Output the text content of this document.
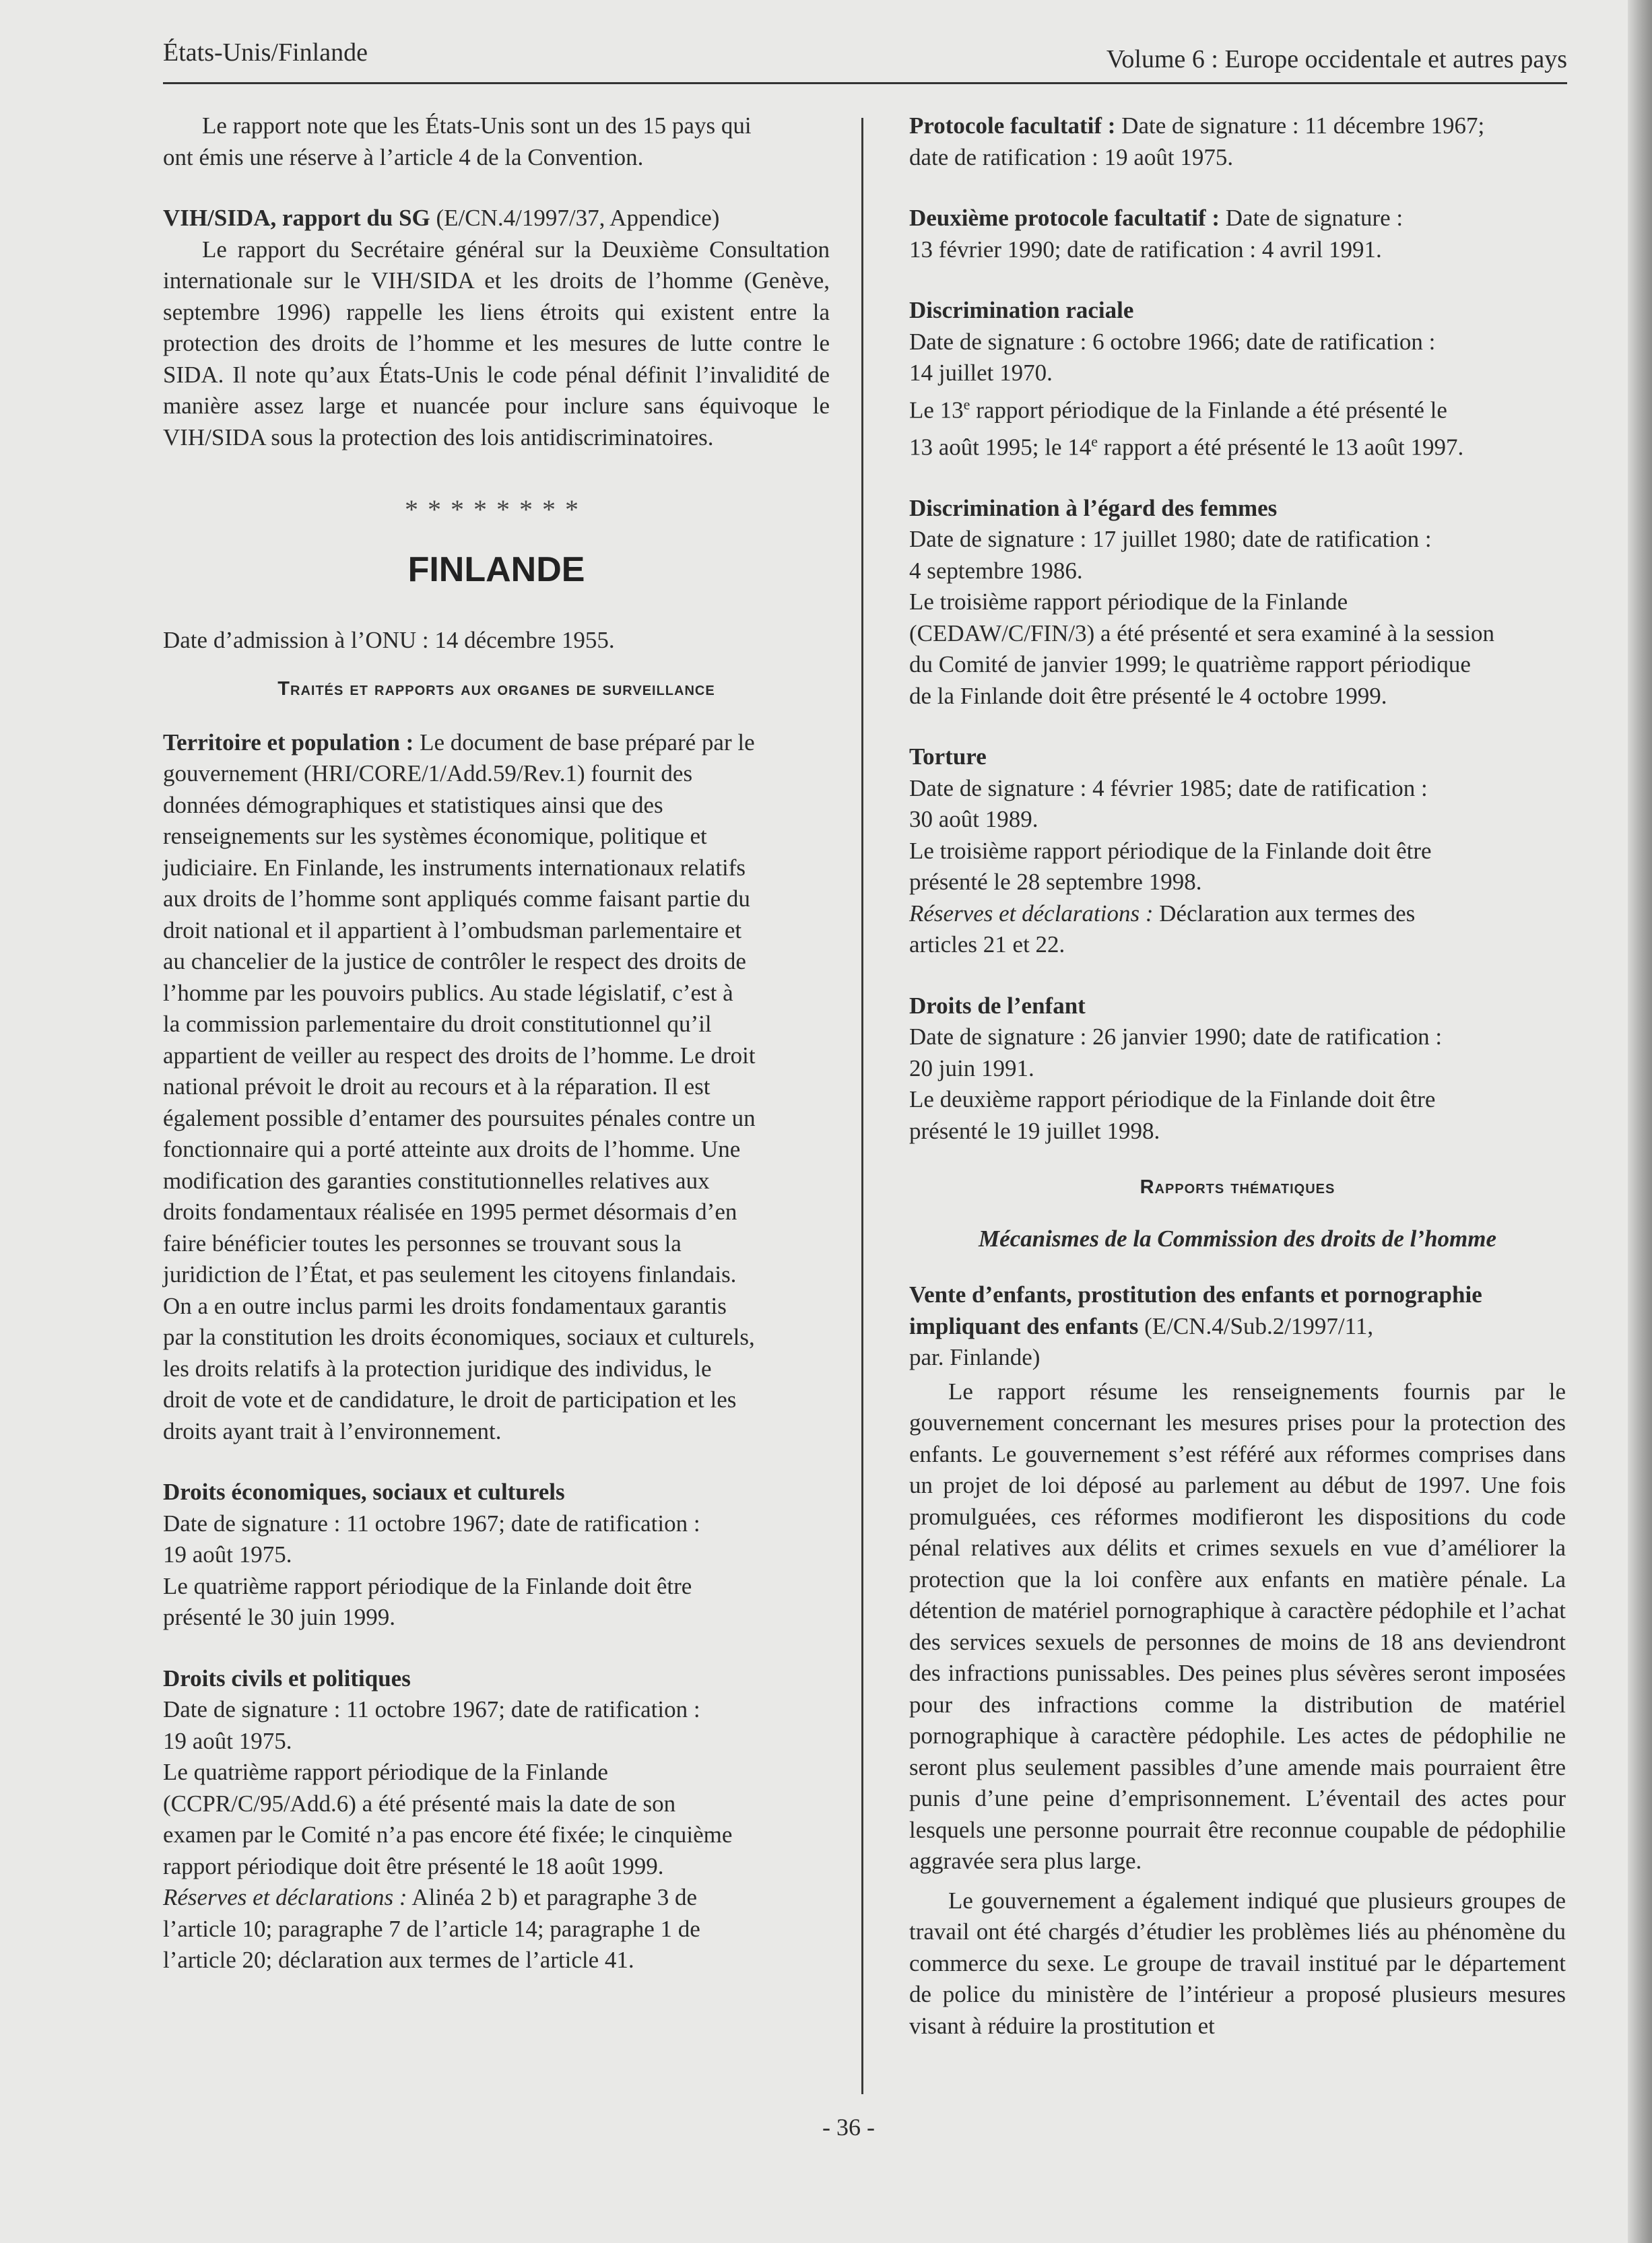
États-Unis/Finlande	Volume 6 : Europe occidentale et autres pays

Le rapport note que les États-Unis sont un des 15 pays qui
ont émis une réserve à l’article 4 de la Convention.

VIH/SIDA, rapport du SG (E/CN.4/1997/37, Appendice)

Le rapport du Secrétaire général sur la Deuxième Consultation internationale sur le VIH/SIDA et les droits de l’homme (Genève, septembre 1996) rappelle les liens étroits qui existent entre la protection des droits de l’homme et les mesures de lutte contre le SIDA. Il note qu’aux États-Unis le code pénal définit l’invalidité de manière assez large et nuancée pour inclure sans équivoque le VIH/SIDA sous la protection des lois antidiscriminatoires.

********
FINLANDE

Date d’admission à l’ONU : 14 décembre 1955.

Traités et rapports aux organes de surveillance

Territoire et population : Le document de base préparé par le
gouvernement (HRI/CORE/1/Add.59/Rev.1) fournit des
données démographiques et statistiques ainsi que des
renseignements sur les systèmes économique, politique et
judiciaire. En Finlande, les instruments internationaux relatifs
aux droits de l’homme sont appliqués comme faisant partie du
droit national et il appartient à l’ombudsman parlementaire et
au chancelier de la justice de contrôler le respect des droits de
l’homme par les pouvoirs publics. Au stade législatif, c’est à
la commission parlementaire du droit constitutionnel qu’il
appartient de veiller au respect des droits de l’homme. Le droit
national prévoit le droit au recours et à la réparation. Il est
également possible d’entamer des poursuites pénales contre un
fonctionnaire qui a porté atteinte aux droits de l’homme. Une
modification des garanties constitutionnelles relatives aux
droits fondamentaux réalisée en 1995 permet désormais d’en
faire bénéficier toutes les personnes se trouvant sous la
juridiction de l’État, et pas seulement les citoyens finlandais.
On a en outre inclus parmi les droits fondamentaux garantis
par la constitution les droits économiques, sociaux et culturels,
les droits relatifs à la protection juridique des individus, le
droit de vote et de candidature, le droit de participation et les
droits ayant trait à l’environnement.

Droits économiques, sociaux et culturels

Date de signature : 11 octobre 1967; date de ratification :
19 août 1975.
Le quatrième rapport périodique de la Finlande doit être
présenté le 30 juin 1999.

Droits civils et politiques

Date de signature : 11 octobre 1967; date de ratification :
19 août 1975.
Le quatrième rapport périodique de la Finlande
(CCPR/C/95/Add.6) a été présenté mais la date de son
examen par le Comité n’a pas encore été fixée; le cinquième
rapport périodique doit être présenté le 18 août 1999.
Réserves et déclarations : Alinéa 2 b) et paragraphe 3 de
l’article 10; paragraphe 7 de l’article 14; paragraphe 1 de
l’article 20; déclaration aux termes de l’article 41.

Protocole facultatif : Date de signature : 11 décembre 1967;
date de ratification : 19 août 1975.

Deuxième protocole facultatif : Date de signature :
13 février 1990; date de ratification : 4 avril 1991.

Discrimination raciale

Date de signature : 6 octobre 1966; date de ratification :
14 juillet 1970.
Le 13e rapport périodique de la Finlande a été présenté le
13 août 1995; le 14e rapport a été présenté le 13 août 1997.

Discrimination à l’égard des femmes

Date de signature : 17 juillet 1980; date de ratification :
4 septembre 1986.
Le troisième rapport périodique de la Finlande
(CEDAW/C/FIN/3) a été présenté et sera examiné à la session
du Comité de janvier 1999; le quatrième rapport périodique
de la Finlande doit être présenté le 4 octobre 1999.

Torture

Date de signature : 4 février 1985; date de ratification :
30 août 1989.
Le troisième rapport périodique de la Finlande doit être
présenté le 28 septembre 1998.
Réserves et déclarations : Déclaration aux termes des
articles 21 et 22.

Droits de l’enfant

Date de signature : 26 janvier 1990; date de ratification :
20 juin 1991.
Le deuxième rapport périodique de la Finlande doit être
présenté le 19 juillet 1998.

Rapports thématiques
Mécanismes de la Commission des droits de l’homme

Vente d’enfants, prostitution des enfants et pornographie
impliquant des enfants (E/CN.4/Sub.2/1997/11,
par. Finlande)

Le rapport résume les renseignements fournis par le gouvernement concernant les mesures prises pour la protection des enfants. Le gouvernement s’est référé aux réformes comprises dans un projet de loi déposé au parlement au début de 1997. Une fois promulguées, ces réformes modifieront les dispositions du code pénal relatives aux délits et crimes sexuels en vue d’améliorer la protection que la loi confère aux enfants en matière pénale. La détention de matériel pornographique à caractère pédophile et l’achat des services sexuels de personnes de moins de 18 ans deviendront des infractions punissables. Des peines plus sévères seront imposées pour des infractions comme la distribution de matériel pornographique à caractère pédophile. Les actes de pédophilie ne seront plus seulement passibles d’une amende mais pourraient être punis d’une peine d’emprisonnement. L’éventail des actes pour lesquels une personne pourrait être reconnue coupable de pédophilie aggravée sera plus large.

Le gouvernement a également indiqué que plusieurs groupes de travail ont été chargés d’étudier les problèmes liés au phénomène du commerce du sexe. Le groupe de travail institué par le département de police du ministère de l’intérieur a proposé plusieurs mesures visant à réduire la prostitution et

- 36 -
